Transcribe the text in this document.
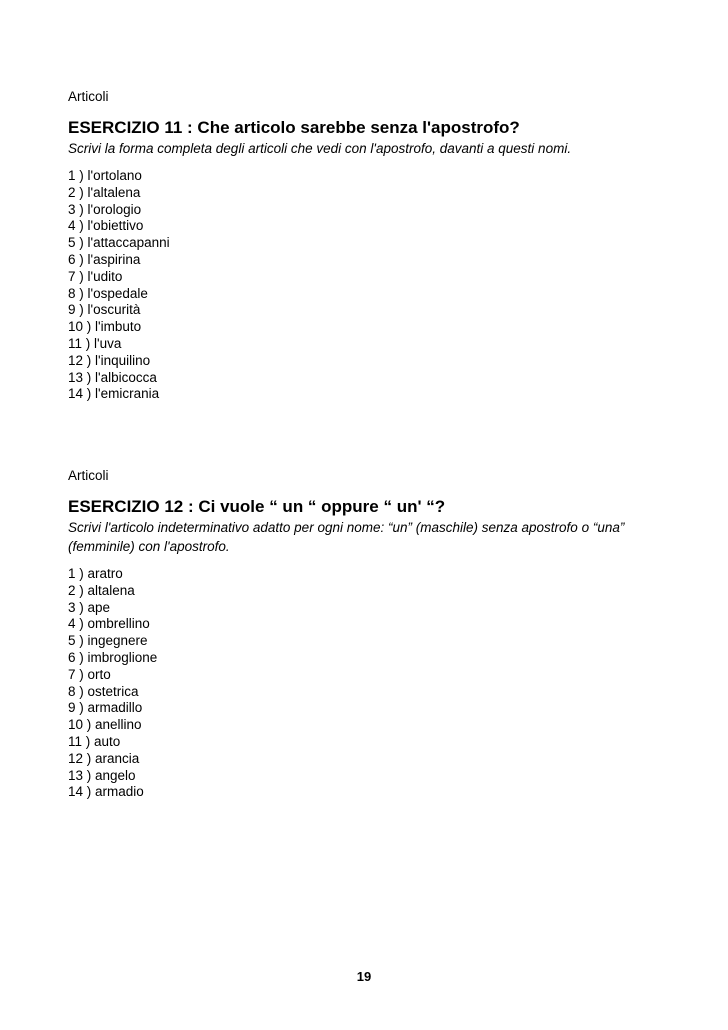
Articoli

ESERCIZIO 11 : Che articolo sarebbe senza l'apostrofo?

Scrivi la forma completa degli articoli che vedi con l'apostrofo, davanti a questi nomi.

1 ) l'ortolano
2 ) l'altalena
3 ) l'orologio
4 ) l'obiettivo
5 ) l'attaccapanni
6 ) l'aspirina
7 ) l'udito
8 ) l'ospedale
9 ) l'oscurità
10 ) l'imbuto
11 ) l'uva
12 ) l'inquilino
13 ) l'albicocca
14 ) l'emicrania

Articoli

ESERCIZIO 12 : Ci vuole “ un “ oppure “ un' “?

Scrivi l'articolo indeterminativo adatto per ogni nome: “un” (maschile) senza apostrofo o “una” (femminile) con l'apostrofo.

1 ) aratro
2 ) altalena
3 ) ape
4 ) ombrellino
5 ) ingegnere
6 ) imbroglione
7 ) orto
8 ) ostetrica
9 ) armadillo
10 ) anellino
11 ) auto
12 ) arancia
13 ) angelo
14 ) armadio
19
